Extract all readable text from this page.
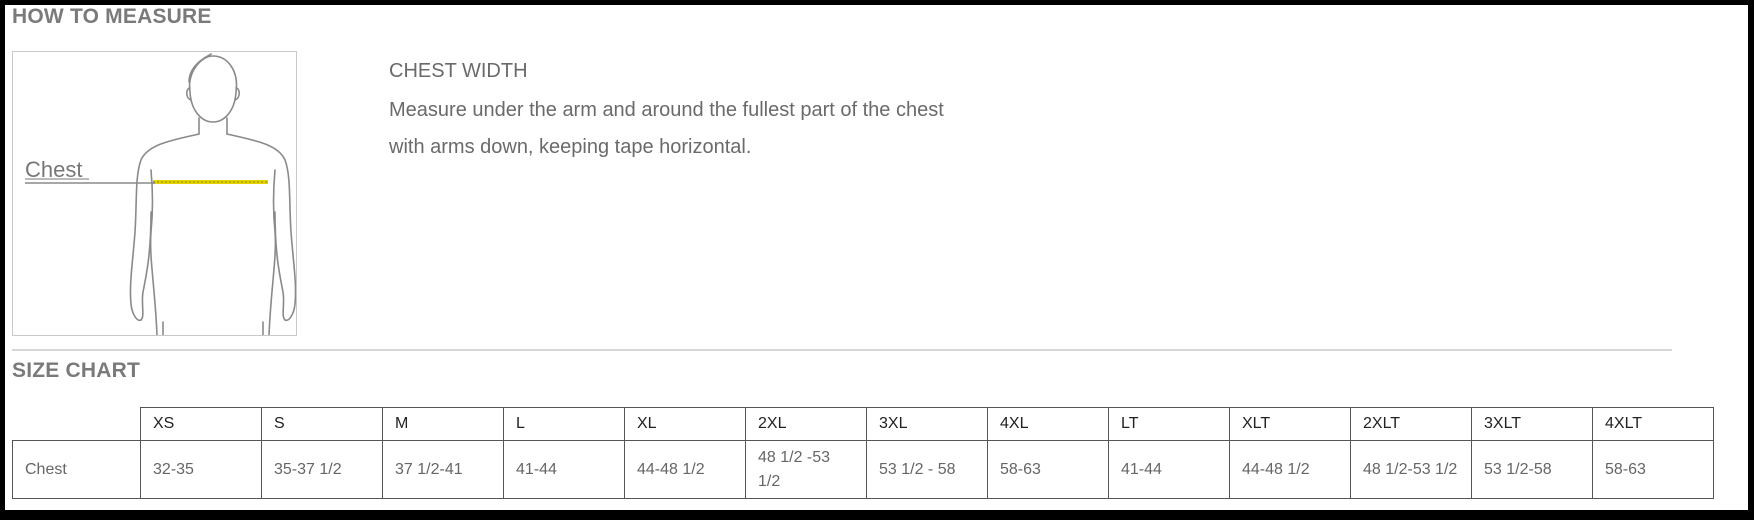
HOW TO MEASURE
Chest
CHEST WIDTH
Measure under the arm and around the fullest part of the chest
with arms down, keeping tape horizontal.
SIZE CHART
	XS	S	M	L	XL	2XL	3XL	4XL	LT	XLT	2XLT	3XLT	4XLT
Chest	32-35	35-37 1/2	37 1/2-41	41-44	44-48 1/2	48 1/2 -53 1/2	53 1/2 - 58	58-63	41-44	44-48 1/2	48 1/2-53 1/2	53 1/2-58	58-63
